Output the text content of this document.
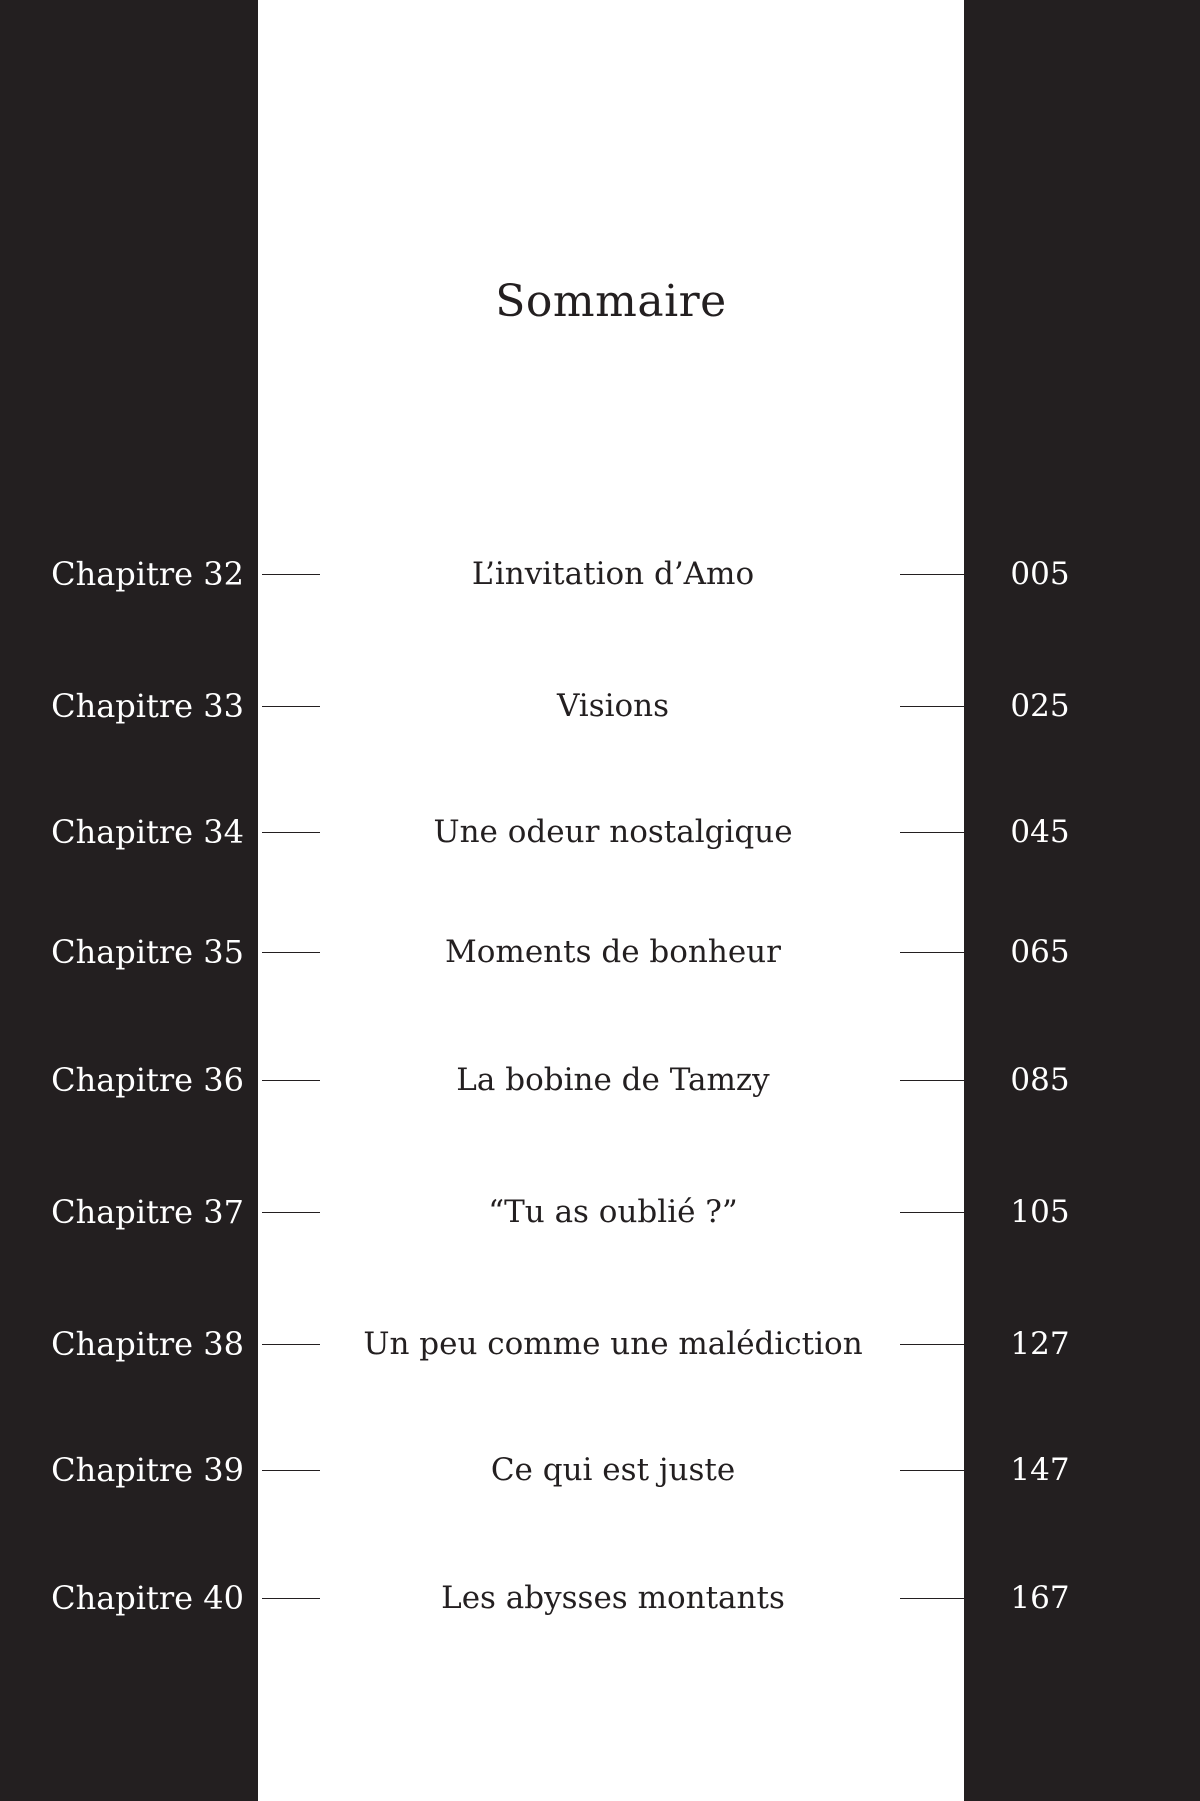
Sommaire
Chapitre 32	L’invitation d’Amo	005
Chapitre 33	Visions	025
Chapitre 34	Une odeur nostalgique	045
Chapitre 35	Moments de bonheur	065
Chapitre 36	La bobine de Tamzy	085
Chapitre 37	“Tu as oublié ?”	105
Chapitre 38	Un peu comme une malédiction	127
Chapitre 39	Ce qui est juste	147
Chapitre 40	Les abysses montants	167
